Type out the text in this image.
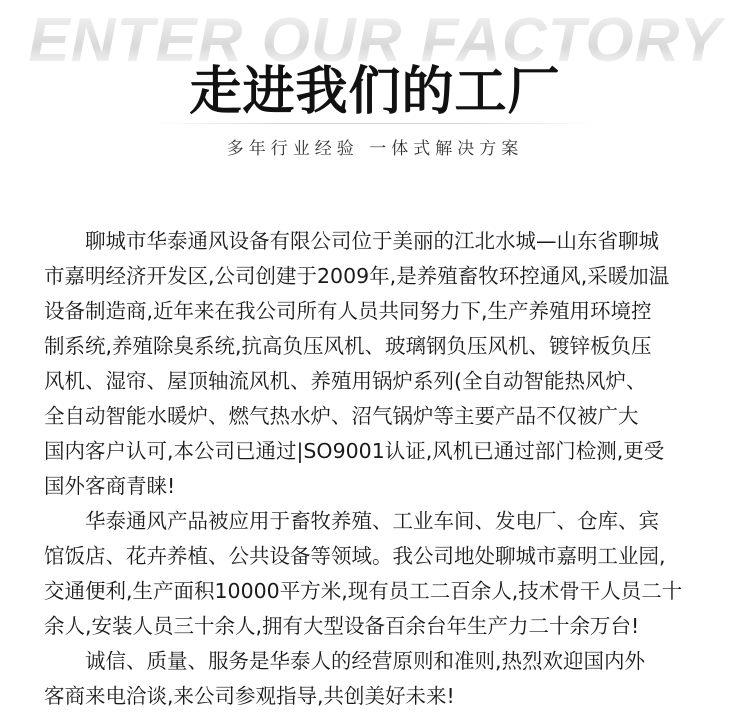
ENTER OUR FACTORY
走进我们的工厂
多年行业经验 一体式解决方案

聊城市华泰通风设备有限公司位于美丽的江北水城—山东省聊城
市嘉明经济开发区,公司创建于2009年,是养殖畜牧环控通风,采暖加温
设备制造商,近年来在我公司所有人员共同努力下,生产养殖用环境控
制系统,养殖除臭系统,抗高负压风机、玻璃钢负压风机、镀锌板负压
风机、湿帘、屋顶轴流风机、养殖用锅炉系列(全自动智能热风炉、
全自动智能水暖炉、燃气热水炉、沼气锅炉等主要产品不仅被广大
国内客户认可,本公司已通过|SO9001认证,风机已通过部门检测,更受
国外客商青睐!

华泰通风产品被应用于畜牧养殖、工业车间、发电厂、仓库、宾
馆饭店、花卉养植、公共设备等领域。我公司地处聊城市嘉明工业园,
交通便利,生产面积10000平方米,现有员工二百余人,技术骨干人员二十
余人,安装人员三十余人,拥有大型设备百余台年生产力二十余万台!

诚信、质量、服务是华泰人的经营原则和准则,热烈欢迎国内外
客商来电洽谈,来公司参观指导,共创美好未来!
